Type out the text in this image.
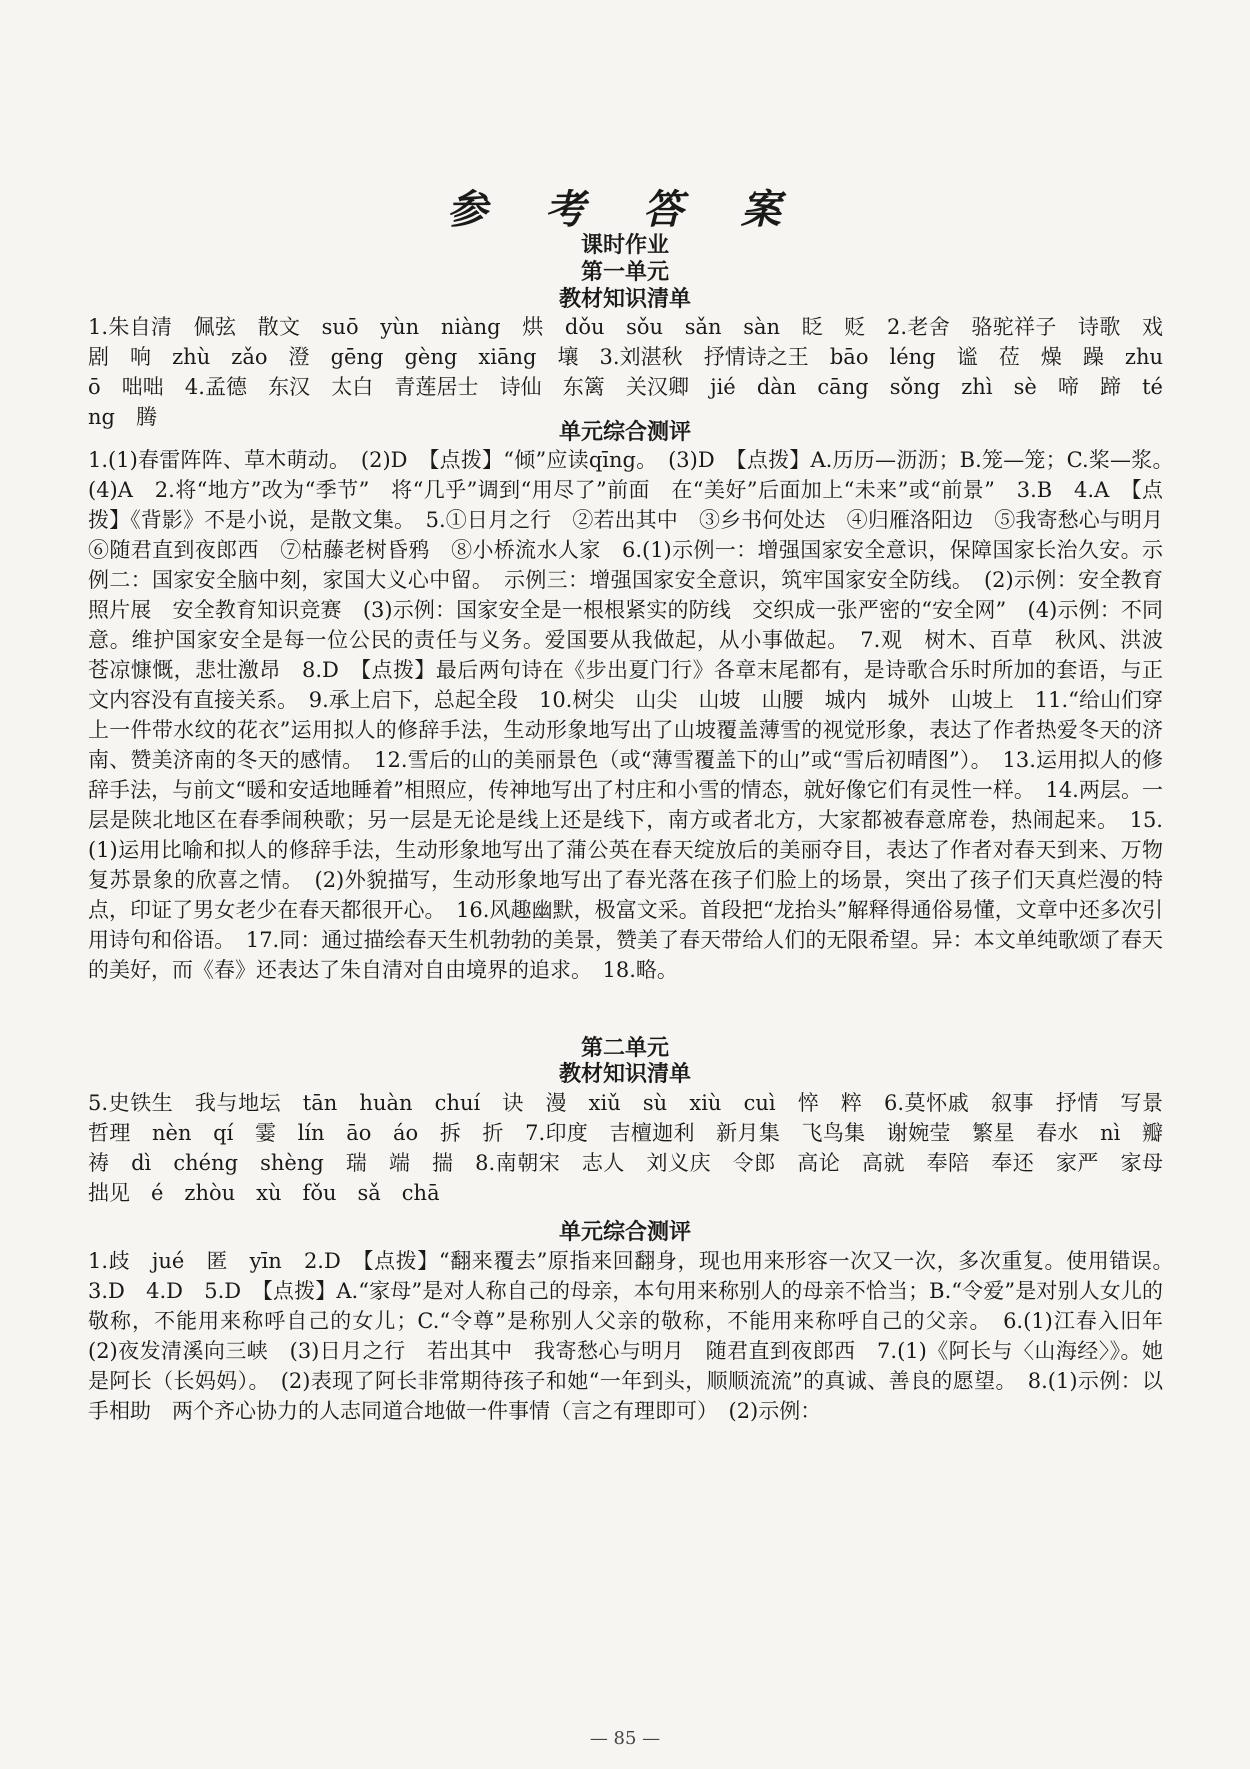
参 考 答 案
课时作业
第一单元
教材知识清单
1.朱自清　佩弦　散文　suō　yùn　niàng　烘　dǒu　sǒu　sǎn　sàn　眨　贬　2.老舍　骆驼祥子　诗歌　戏剧　响　zhù　zǎo　澄　gēng　gèng　xiāng　壤　3.刘湛秋　抒情诗之王　bāo　léng　谧　莅　燥　躁　zhuō　咄咄　4.孟德　东汉　太白　青莲居士　诗仙　东篱　关汉卿　jié　dàn　cāng　sǒng　zhì　sè　啼　蹄　téng　腾
单元综合测评
1.(1)春雷阵阵、草木萌动。　(2)D　【点拨】“倾”应读qīng。　(3)D　【点拨】A.历历—沥沥；B.笼—笼；C.桨—浆。　(4)A　2.将“地方”改为“季节”　将“几乎”调到“用尽了”前面　在“美好”后面加上“未来”或“前景”　3.B　4.A　【点拨】《背影》不是小说，是散文集。　5.①日月之行　②若出其中　③乡书何处达　④归雁洛阳边　⑤我寄愁心与明月　⑥随君直到夜郎西　⑦枯藤老树昏鸦　⑧小桥流水人家　6.(1)示例一：增强国家安全意识，保障国家长治久安。示例二：国家安全脑中刻，家国大义心中留。　示例三：增强国家安全意识，筑牢国家安全防线。　(2)示例：安全教育照片展　安全教育知识竞赛　(3)示例：国家安全是一根根紧实的防线　交织成一张严密的“安全网”　(4)示例：不同意。维护国家安全是每一位公民的责任与义务。爱国要从我做起，从小事做起。　7.观　树木、百草　秋风、洪波　苍凉慷慨，悲壮激昂　8.D　【点拨】最后两句诗在《步出夏门行》各章末尾都有，是诗歌合乐时所加的套语，与正文内容没有直接关系。　9.承上启下，总起全段　10.树尖　山尖　山坡　山腰　城内　城外　山坡上　11.“给山们穿上一件带水纹的花衣”运用拟人的修辞手法，生动形象地写出了山坡覆盖薄雪的视觉形象，表达了作者热爱冬天的济南、赞美济南的冬天的感情。　12.雪后的山的美丽景色（或“薄雪覆盖下的山”或“雪后初晴图”）。　13.运用拟人的修辞手法，与前文“暖和安适地睡着”相照应，传神地写出了村庄和小雪的情态，就好像它们有灵性一样。　14.两层。一层是陕北地区在春季闹秧歌；另一层是无论是线上还是线下，南方或者北方，大家都被春意席卷，热闹起来。　15.(1)运用比喻和拟人的修辞手法，生动形象地写出了蒲公英在春天绽放后的美丽夺目，表达了作者对春天到来、万物复苏景象的欣喜之情。　(2)外貌描写，生动形象地写出了春光落在孩子们脸上的场景，突出了孩子们天真烂漫的特点，印证了男女老少在春天都很开心。　16.风趣幽默，极富文采。首段把“龙抬头”解释得通俗易懂，文章中还多次引用诗句和俗语。　17.同：通过描绘春天生机勃勃的美景，赞美了春天带给人们的无限希望。异：本文单纯歌颂了春天的美好，而《春》还表达了朱自清对自由境界的追求。　18.略。
第二单元
教材知识清单
5.史铁生　我与地坛　tān　huàn　chuí　诀　漫　xiǔ　sù　xiù　cuì　悴　粹　6.莫怀戚　叙事　抒情　写景　哲理　nèn　qí　霎　lín　āo　áo　拆　折　7.印度　吉檀迦利　新月集　飞鸟集　谢婉莹　繁星　春水　nì　瓣　祷　dì　chéng　shèng　瑞　端　揣　8.南朝宋　志人　刘义庆　令郎　高论　高就　奉陪　奉还　家严　家母　拙见　é　zhòu　xù　fǒu　sǎ　chā
单元综合测评
1.歧　jué　匿　yīn　2.D　【点拨】“翻来覆去”原指来回翻身，现也用来形容一次又一次，多次重复。使用错误。　3.D　4.D　5.D　【点拨】A.“家母”是对人称自己的母亲，本句用来称别人的母亲不恰当；B.“令爱”是对别人女儿的敬称，不能用来称呼自己的女儿；C.“令尊”是称别人父亲的敬称，不能用来称呼自己的父亲。　6.(1)江春入旧年　(2)夜发清溪向三峡　(3)日月之行　若出其中　我寄愁心与明月　随君直到夜郎西　7.(1)《阿长与〈山海经〉》。她是阿长（长妈妈）。　(2)表现了阿长非常期待孩子和她“一年到头，顺顺流流”的真诚、善良的愿望。　8.(1)示例：以手相助　两个齐心协力的人志同道合地做一件事情（言之有理即可）　(2)示例：
— 85 —
